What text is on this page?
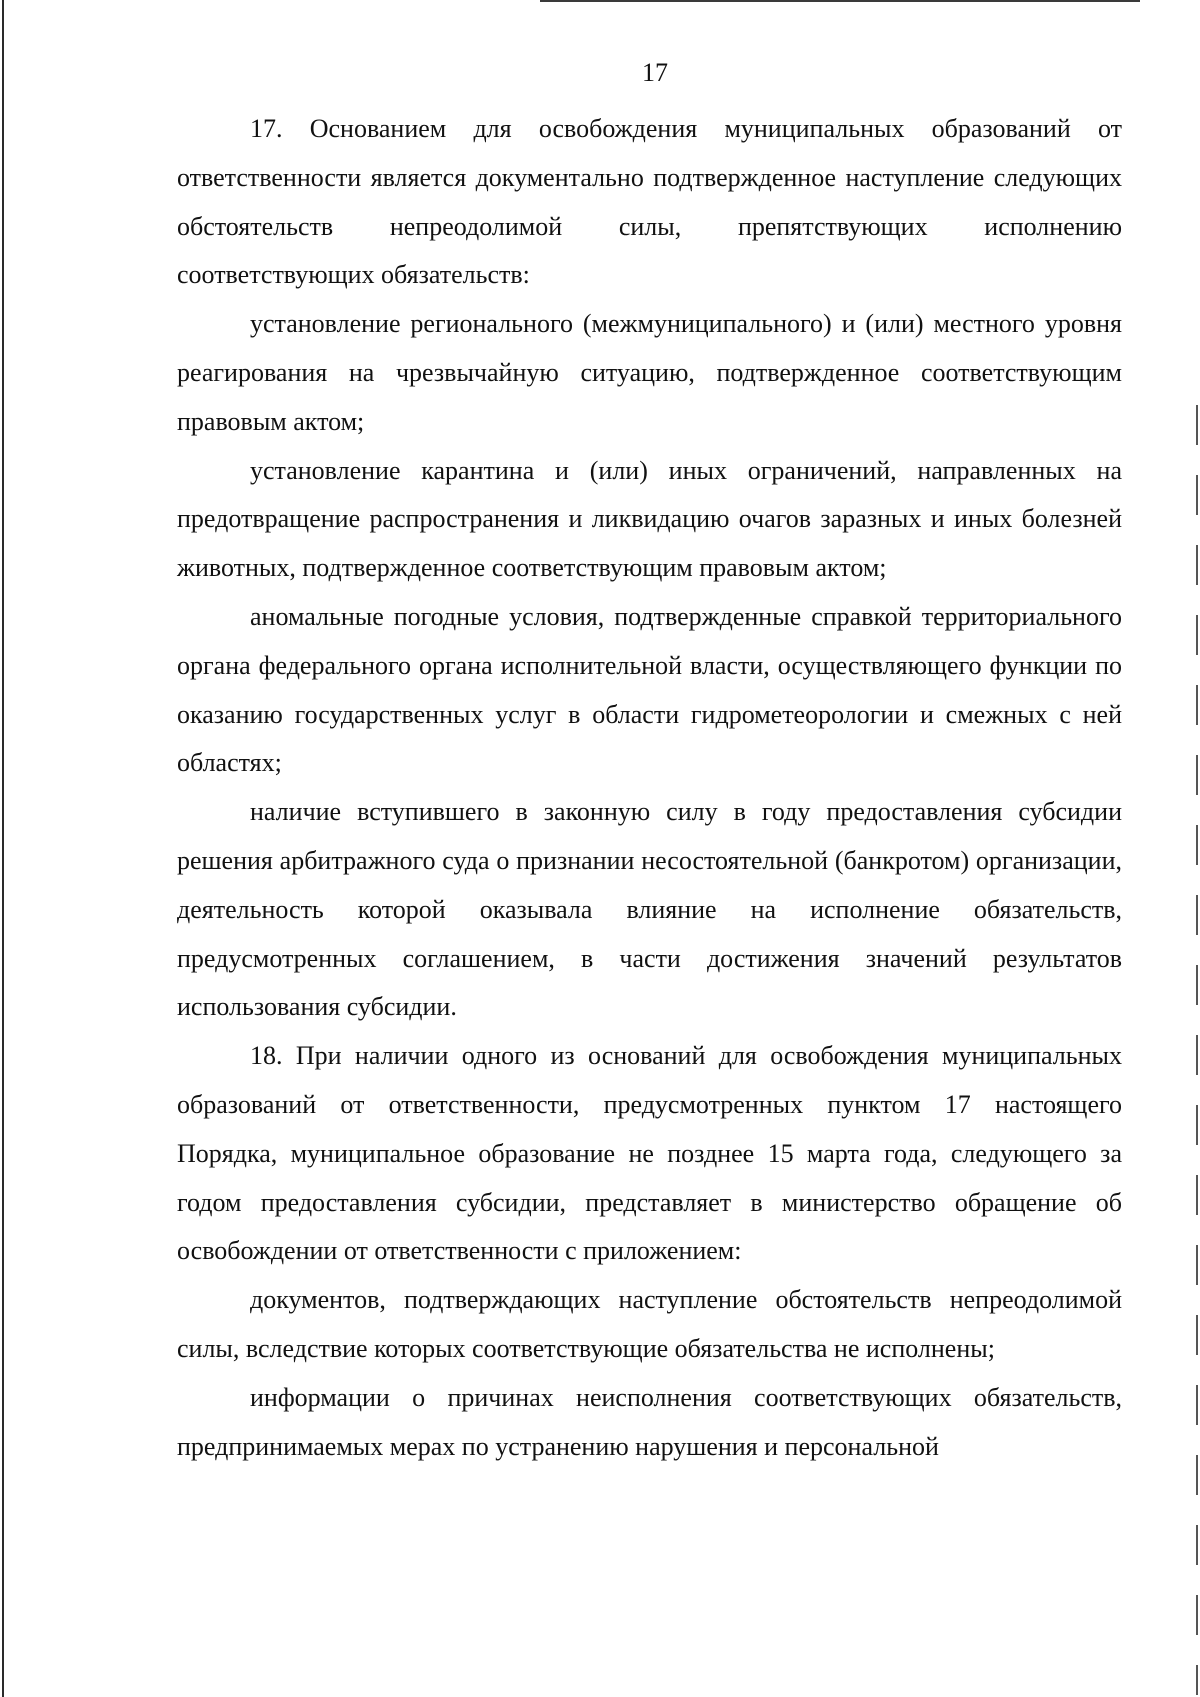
17

17. Основанием для освобождения муниципальных образований от ответственности является документально подтвержденное наступление следующих обстоятельств непреодолимой силы, препятствующих исполнению соответствующих обязательств:

установление регионального (межмуниципального) и (или) местного уровня реагирования на чрезвычайную ситуацию, подтвержденное соответствующим правовым актом;

установление карантина и (или) иных ограничений, направленных на предотвращение распространения и ликвидацию очагов заразных и иных болезней животных, подтвержденное соответствующим правовым актом;

аномальные погодные условия, подтвержденные справкой территориального органа федерального органа исполнительной власти, осуществляющего функции по оказанию государственных услуг в области гидрометеорологии и смежных с ней областях;

наличие вступившего в законную силу в году предоставления субсидии решения арбитражного суда о признании несостоятельной (банкротом) организации, деятельность которой оказывала влияние на исполнение обязательств, предусмотренных соглашением, в части достижения значений результатов использования субсидии.

18. При наличии одного из оснований для освобождения муниципальных образований от ответственности, предусмотренных пунктом 17 настоящего Порядка, муниципальное образование не позднее 15 марта года, следующего за годом предоставления субсидии, представляет в министерство обращение об освобождении от ответственности с приложением:

документов, подтверждающих наступление обстоятельств непреодолимой силы, вследствие которых соответствующие обязательства не исполнены;

информации о причинах неисполнения соответствующих обязательств, предпринимаемых мерах по устранению нарушения и персональной
